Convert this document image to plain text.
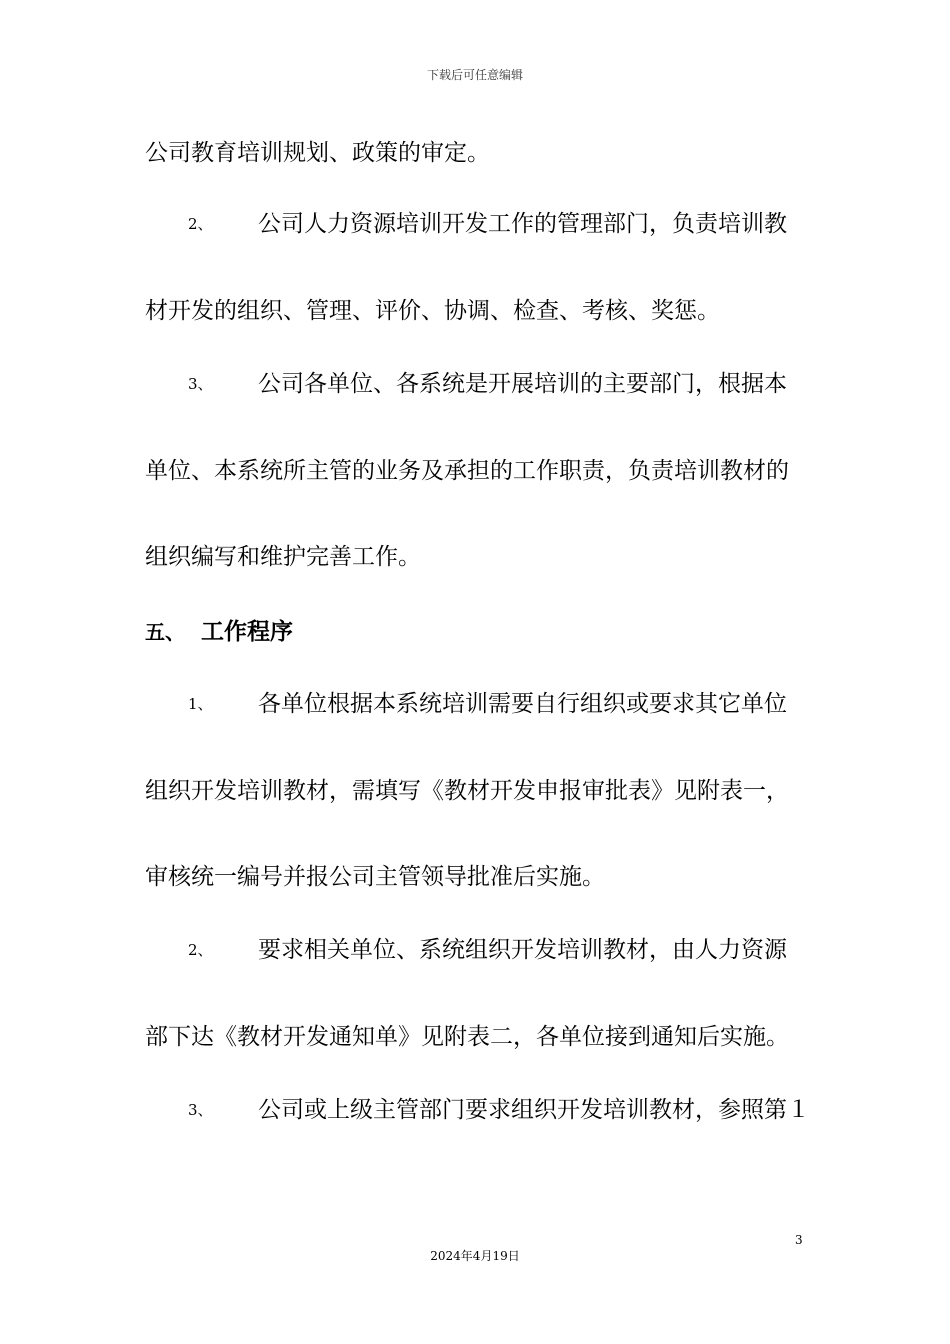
下载后可任意编辑
公司教育培训规划、政策的审定。
2、 公司人力资源培训开发工作的管理部门，负责培训教
材开发的组织、管理、评价、协调、检查、考核、奖惩。
3、 公司各单位、各系统是开展培训的主要部门，根据本
单位、本系统所主管的业务及承担的工作职责，负责培训教材的
组织编写和维护完善工作。
五、 工作程序
1、 各单位根据本系统培训需要自行组织或要求其它单位
组织开发培训教材，需填写《教材开发申报审批表》见附表一，
审核统一编号并报公司主管领导批准后实施。
2、 要求相关单位、系统组织开发培训教材，由人力资源
部下达《教材开发通知单》见附表二，各单位接到通知后实施。
3、 公司或上级主管部门要求组织开发培训教材，参照第１
3
2024年4月19日
